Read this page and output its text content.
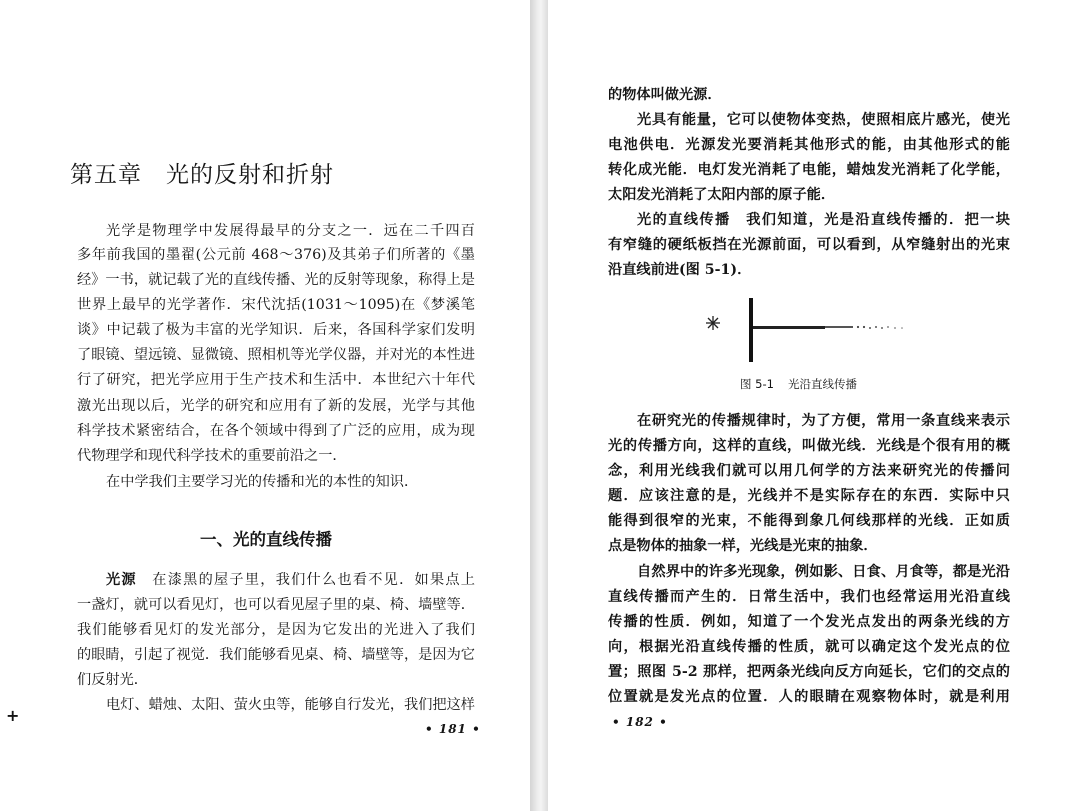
第五章　光的反射和折射
光学是物理学中发展得最早的分支之一．远在二千四百
多年前我国的墨翟(公元前 468～376)及其弟子们所著的《墨
经》一书，就记载了光的直线传播、光的反射等现象，称得上是
世界上最早的光学著作．宋代沈括(1031～1095)在《梦溪笔
谈》中记载了极为丰富的光学知识．后来，各国科学家们发明
了眼镜、望远镜、显微镜、照相机等光学仪器，并对光的本性进
行了研究，把光学应用于生产技术和生活中．本世纪六十年代
激光出现以后，光学的研究和应用有了新的发展，光学与其他
科学技术紧密结合，在各个领域中得到了广泛的应用，成为现
代物理学和现代科学技术的重要前沿之一．
在中学我们主要学习光的传播和光的本性的知识．
一、光的直线传播
光源　 在漆黑的屋子里，我们什么也看不见．如果点上
一盏灯，就可以看见灯，也可以看见屋子里的桌、椅、墙壁等．
我们能够看见灯的发光部分，是因为它发出的光进入了我们
的眼睛，引起了视觉．我们能够看见桌、椅、墙壁等，是因为它
们反射光．
电灯、蜡烛、太阳、萤火虫等，能够自行发光，我们把这样
• 181 •
+
的物体叫做光源．
光具有能量，它可以使物体变热，使照相底片感光，使光
电池供电．光源发光要消耗其他形式的能，由其他形式的能
转化成光能．电灯发光消耗了电能，蜡烛发光消耗了化学能，
太阳发光消耗了太阳内部的原子能．
光的直线传播　 我们知道，光是沿直线传播的．把一块
有窄缝的硬纸板挡在光源前面，可以看到，从窄缝射出的光束
沿直线前进(图 5-1)．
在研究光的传播规律时，为了方便，常用一条直线来表示
光的传播方向，这样的直线，叫做光线．光线是个很有用的概
念，利用光线我们就可以用几何学的方法来研究光的传播问
题．应该注意的是，光线并不是实际存在的东西．实际中只
能得到很窄的光束，不能得到象几何线那样的光线．正如质
点是物体的抽象一样，光线是光束的抽象．
自然界中的许多光现象，例如影、日食、月食等，都是光沿
直线传播而产生的．日常生活中，我们也经常运用光沿直线
传播的性质．例如，知道了一个发光点发出的两条光线的方
向，根据光沿直线传播的性质，就可以确定这个发光点的位
置；照图 5-2 那样，把两条光线向反方向延长，它们的交点的
位置就是发光点的位置．人的眼睛在观察物体时，就是利用
• 182 •
图 5-1 光沿直线传播
